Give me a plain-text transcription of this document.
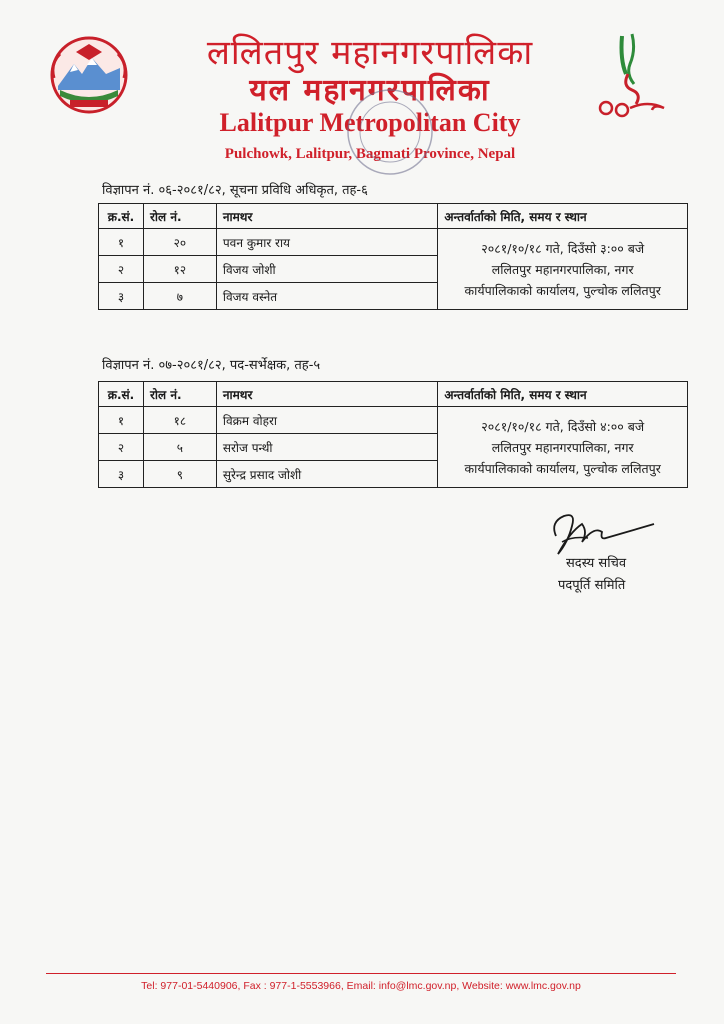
ललितपुर महानगरपालिका
यल महानगरपालिका
Lalitpur Metropolitan City
Pulchowk, Lalitpur, Bagmati Province, Nepal
विज्ञापन नं. ०६-२०८१/८२, सूचना प्रविधि अधिकृत, तह-६
क्र.सं.	रोल नं.	नामथर	अन्तर्वार्ताको मिति, समय र स्थान
१	२०	पवन कुमार राय	२०८१/१०/१८ गते, दिउँसो ३:०० बजे
ललितपुर महानगरपालिका, नगर
कार्यपालिकाको कार्यालय, पुल्चोक ललितपुर

२	१२	विजय जोशी	
३	७	विजय वस्नेत	
विज्ञापन नं. ०७-२०८१/८२, पद-सर्भेक्षक, तह-५
क्र.सं.	रोल नं.	नामथर	अन्तर्वार्ताको मिति, समय र स्थान
१	१८	विक्रम वोहरा	२०८१/१०/१८ गते, दिउँसो ४:०० बजे
ललितपुर महानगरपालिका, नगर
कार्यपालिकाको कार्यालय, पुल्चोक ललितपुर

२	५	सरोज पन्थी	
३	९	सुरेन्द्र प्रसाद जोशी	
सदस्य सचिव
पदपूर्ति समिति
Tel: 977-01-5440906, Fax : 977-1-5553966, Email: info@lmc.gov.np, Website: www.lmc.gov.np
